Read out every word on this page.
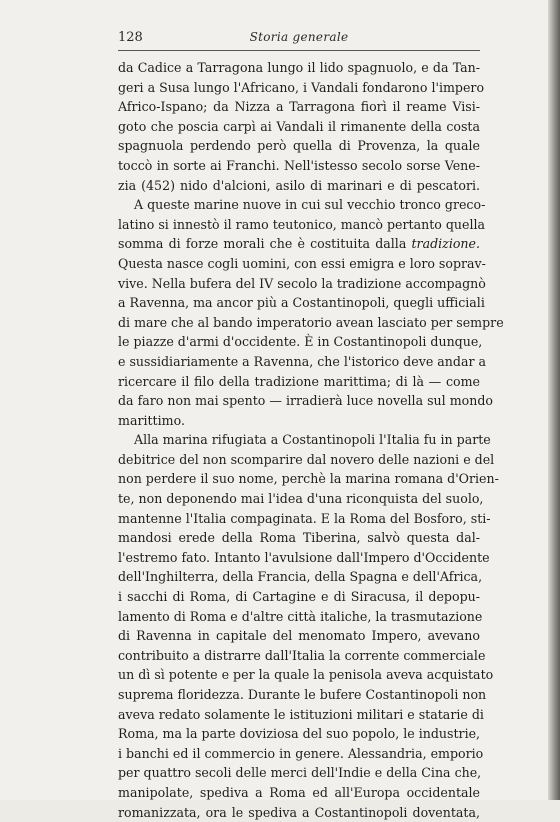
128	Storia generale
da Cadice a Tarragona lungo il lido spagnuolo, e da Tan-
geri a Susa lungo l'Africano, i Vandali fondarono l'impero
Africo-Ispano; da Nizza a Tarragona fiorì il reame Visi-
goto che poscia carpì ai Vandali il rimanente della costa
spagnuola perdendo però quella di Provenza, la quale
toccò in sorte ai Franchi. Nell'istesso secolo sorse Vene-
zia (452) nido d'alcioni, asilo di marinari e di pescatori.
A queste marine nuove in cui sul vecchio tronco greco-
latino si innestò il ramo teutonico, mancò pertanto quella
somma di forze morali che è costituita dalla tradizione.
Questa nasce cogli uomini, con essi emigra e loro soprav-
vive. Nella bufera del IV secolo la tradizione accompagnò
a Ravenna, ma ancor più a Costantinopoli, quegli ufficiali
di mare che al bando imperatorio avean lasciato per sempre
le piazze d'armi d'occidente. È in Costantinopoli dunque,
e sussidiariamente a Ravenna, che l'istorico deve andar a
ricercare il filo della tradizione marittima; di là — come
da faro non mai spento — irradierà luce novella sul mondo
marittimo.
Alla marina rifugiata a Costantinopoli l'Italia fu in parte
debitrice del non scomparire dal novero delle nazioni e del
non perdere il suo nome, perchè la marina romana d'Orien-
te, non deponendo mai l'idea d'una riconquista del suolo,
mantenne l'Italia compaginata. E la Roma del Bosforo, sti-
mandosi erede della Roma Tiberina, salvò questa dal-
l'estremo fato. Intanto l'avulsione dall'Impero d'Occidente
dell'Inghilterra, della Francia, della Spagna e dell'Africa,
i sacchi di Roma, di Cartagine e di Siracusa, il depopu-
lamento di Roma e d'altre città italiche, la trasmutazione
di Ravenna in capitale del menomato Impero, avevano
contribuito a distrarre dall'Italia la corrente commerciale
un dì sì potente e per la quale la penisola aveva acquistato
suprema floridezza. Durante le bufere Costantinopoli non
aveva redato solamente le istituzioni militari e statarie di
Roma, ma la parte doviziosa del suo popolo, le industrie,
i banchi ed il commercio in genere. Alessandria, emporio
per quattro secoli delle merci dell'Indie e della Cina che,
manipolate, spediva a Roma ed all'Europa occidentale
romanizzata, ora le spediva a Costantinopoli doventata,
